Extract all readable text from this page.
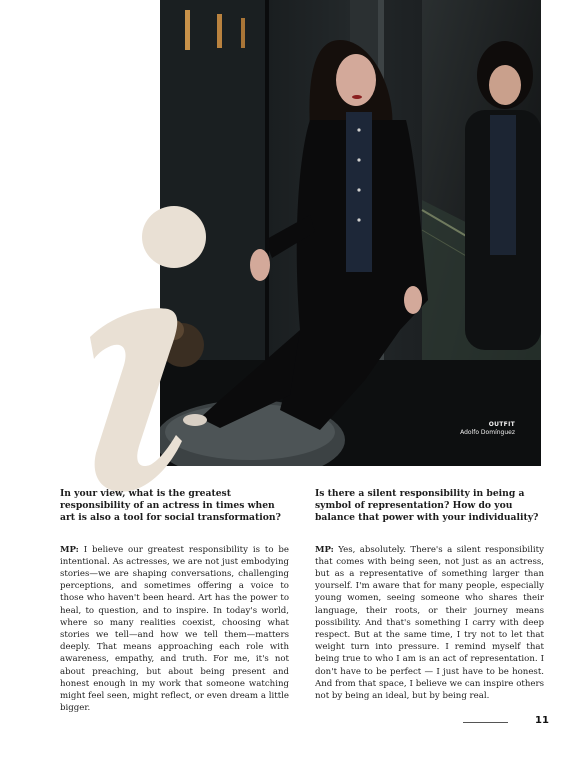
OUTFIT
Adolfo Domínguez

In your view, what is the greatest responsibility of an actress in times when art is also a tool for social transformation?

MP: I believe our greatest responsibility is to be intentional. As actresses, we are not just embodying stories—we are shaping conversations, challenging perceptions, and sometimes offering a voice to those who haven't been heard. Art has the power to heal, to question, and to inspire. In today's world, where so many realities coexist, choosing what stories we tell—and how we tell them—matters deeply. That means approaching each role with awareness, empathy, and truth. For me, it's not about preaching, but about being present and honest enough in my work that someone watching might feel seen, might reflect, or even dream a little bigger.

Is there a silent responsibility in being a symbol of representation? How do you balance that power with your individuality?

MP: Yes, absolutely. There's a silent responsibility that comes with being seen, not just as an actress, but as a representative of something larger than yourself. I'm aware that for many people, especially young women, seeing someone who shares their language, their roots, or their journey means possibility. And that's something I carry with deep respect. But at the same time, I try not to let that weight turn into pressure. I remind myself that being true to who I am is an act of representation. I don't have to be perfect — I just have to be honest. And from that space, I believe we can inspire others not by being an ideal, but by being real.

11
